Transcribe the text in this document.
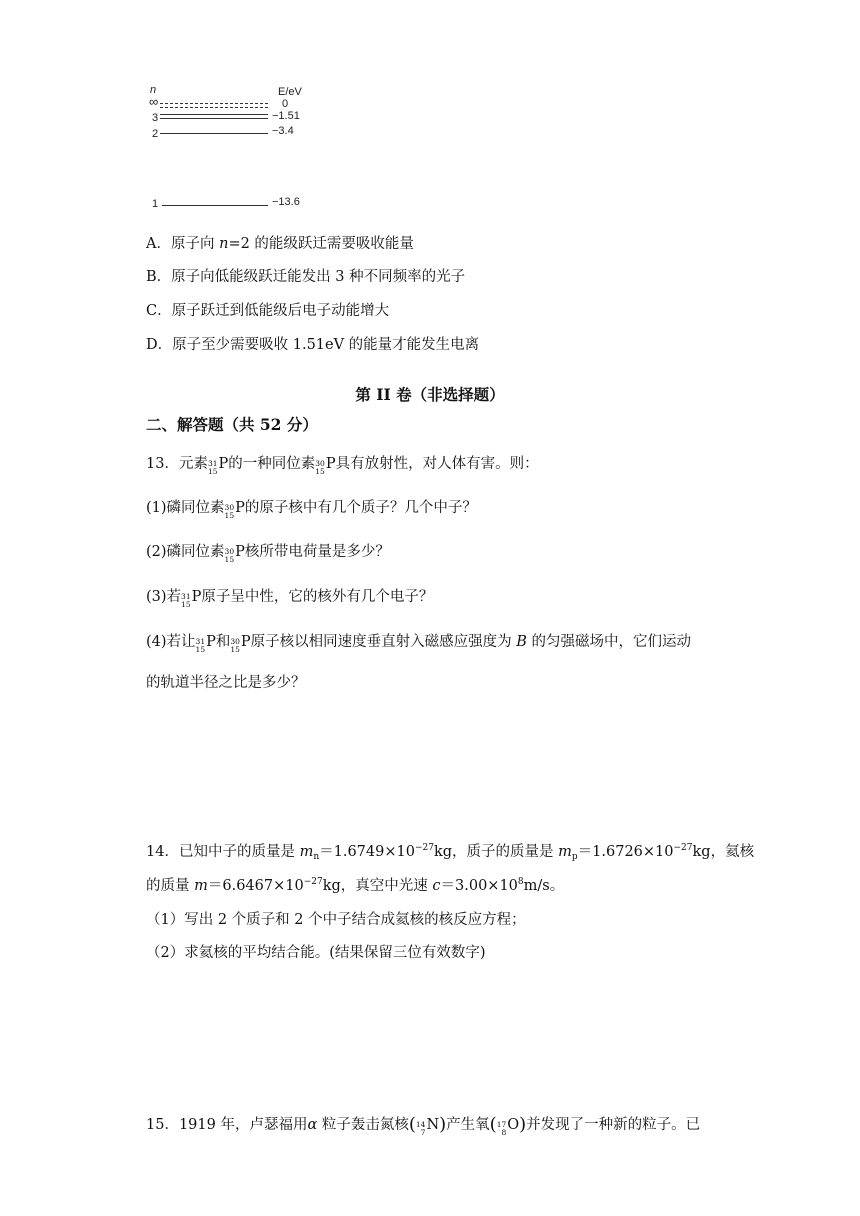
n	E/eV
∞	0
3	−1.51
2	−3.4
1	−13.6
A．原子向 n=2 的能级跃迁需要吸收能量
B．原子向低能级跃迁能发出 3 种不同频率的光子
C．原子跃迁到低能级后电子动能增大
D．原子至少需要吸收 1.51eV 的能量才能发生电离
第 II 卷（非选择题）
二、解答题（共 52 分）
13．元素 31
15 P的一种同位素 30
15 P具有放射性，对人体有害。则：
(1)磷同位素 30
15 P的原子核中有几个质子？几个中子？
(2)磷同位素 30
15 P核所带电荷量是多少？
(3)若 31
15 P原子呈中性，它的核外有几个电子？
(4)若让 31
15 P和 30
15 P原子核以相同速度垂直射入磁感应强度为 B 的匀强磁场中，它们运动
的轨道半径之比是多少？
14．已知中子的质量是 $m_n=1.6749\times 10^{-27}kg$，质子的质量是 $m_p=1.6726\times 10^{-27}kg$，氦核
的质量 $m=6.6467\times 10^{-27}kg$，真空中光速 $c=3.00\times 10^8m/s$。
（1）写出 2 个质子和 2 个中子结合成氦核的核反应方程；
（2）求氦核的平均结合能。(结果保留三位有效数字)
15．1919 年，卢瑟福用α 粒子轰击氮核( 14
7 N)产生氧( 17
8 O)并发现了一种新的粒子。已
